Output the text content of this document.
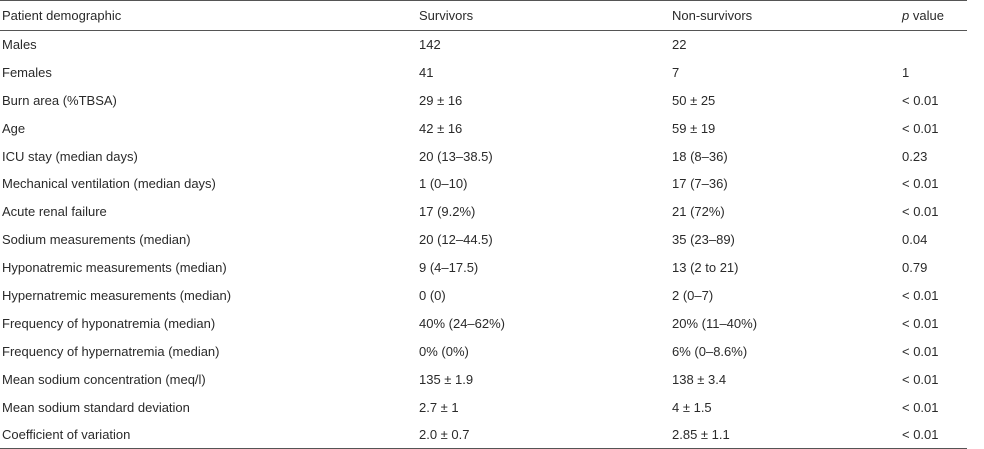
Patient demographic	Survivors	Non-survivors	p value
Males	142	22	
Females	41	7	1
Burn area (%TBSA)	29 ± 16	50 ± 25	< 0.01
Age	42 ± 16	59 ± 19	< 0.01
ICU stay (median days)	20 (13–38.5)	18 (8–36)	0.23
Mechanical ventilation (median days)	1 (0–10)	17 (7–36)	< 0.01
Acute renal failure	17 (9.2%)	21 (72%)	< 0.01
Sodium measurements (median)	20 (12–44.5)	35 (23–89)	0.04
Hyponatremic measurements (median)	9 (4–17.5)	13 (2 to 21)	0.79
Hypernatremic measurements (median)	0 (0)	2 (0–7)	< 0.01
Frequency of hyponatremia (median)	40% (24–62%)	20% (11–40%)	< 0.01
Frequency of hypernatremia (median)	0% (0%)	6% (0–8.6%)	< 0.01
Mean sodium concentration (meq/l)	135 ± 1.9	138 ± 3.4	< 0.01
Mean sodium standard deviation	2.7 ± 1	4 ± 1.5	< 0.01
Coefficient of variation	2.0 ± 0.7	2.85 ± 1.1	< 0.01
